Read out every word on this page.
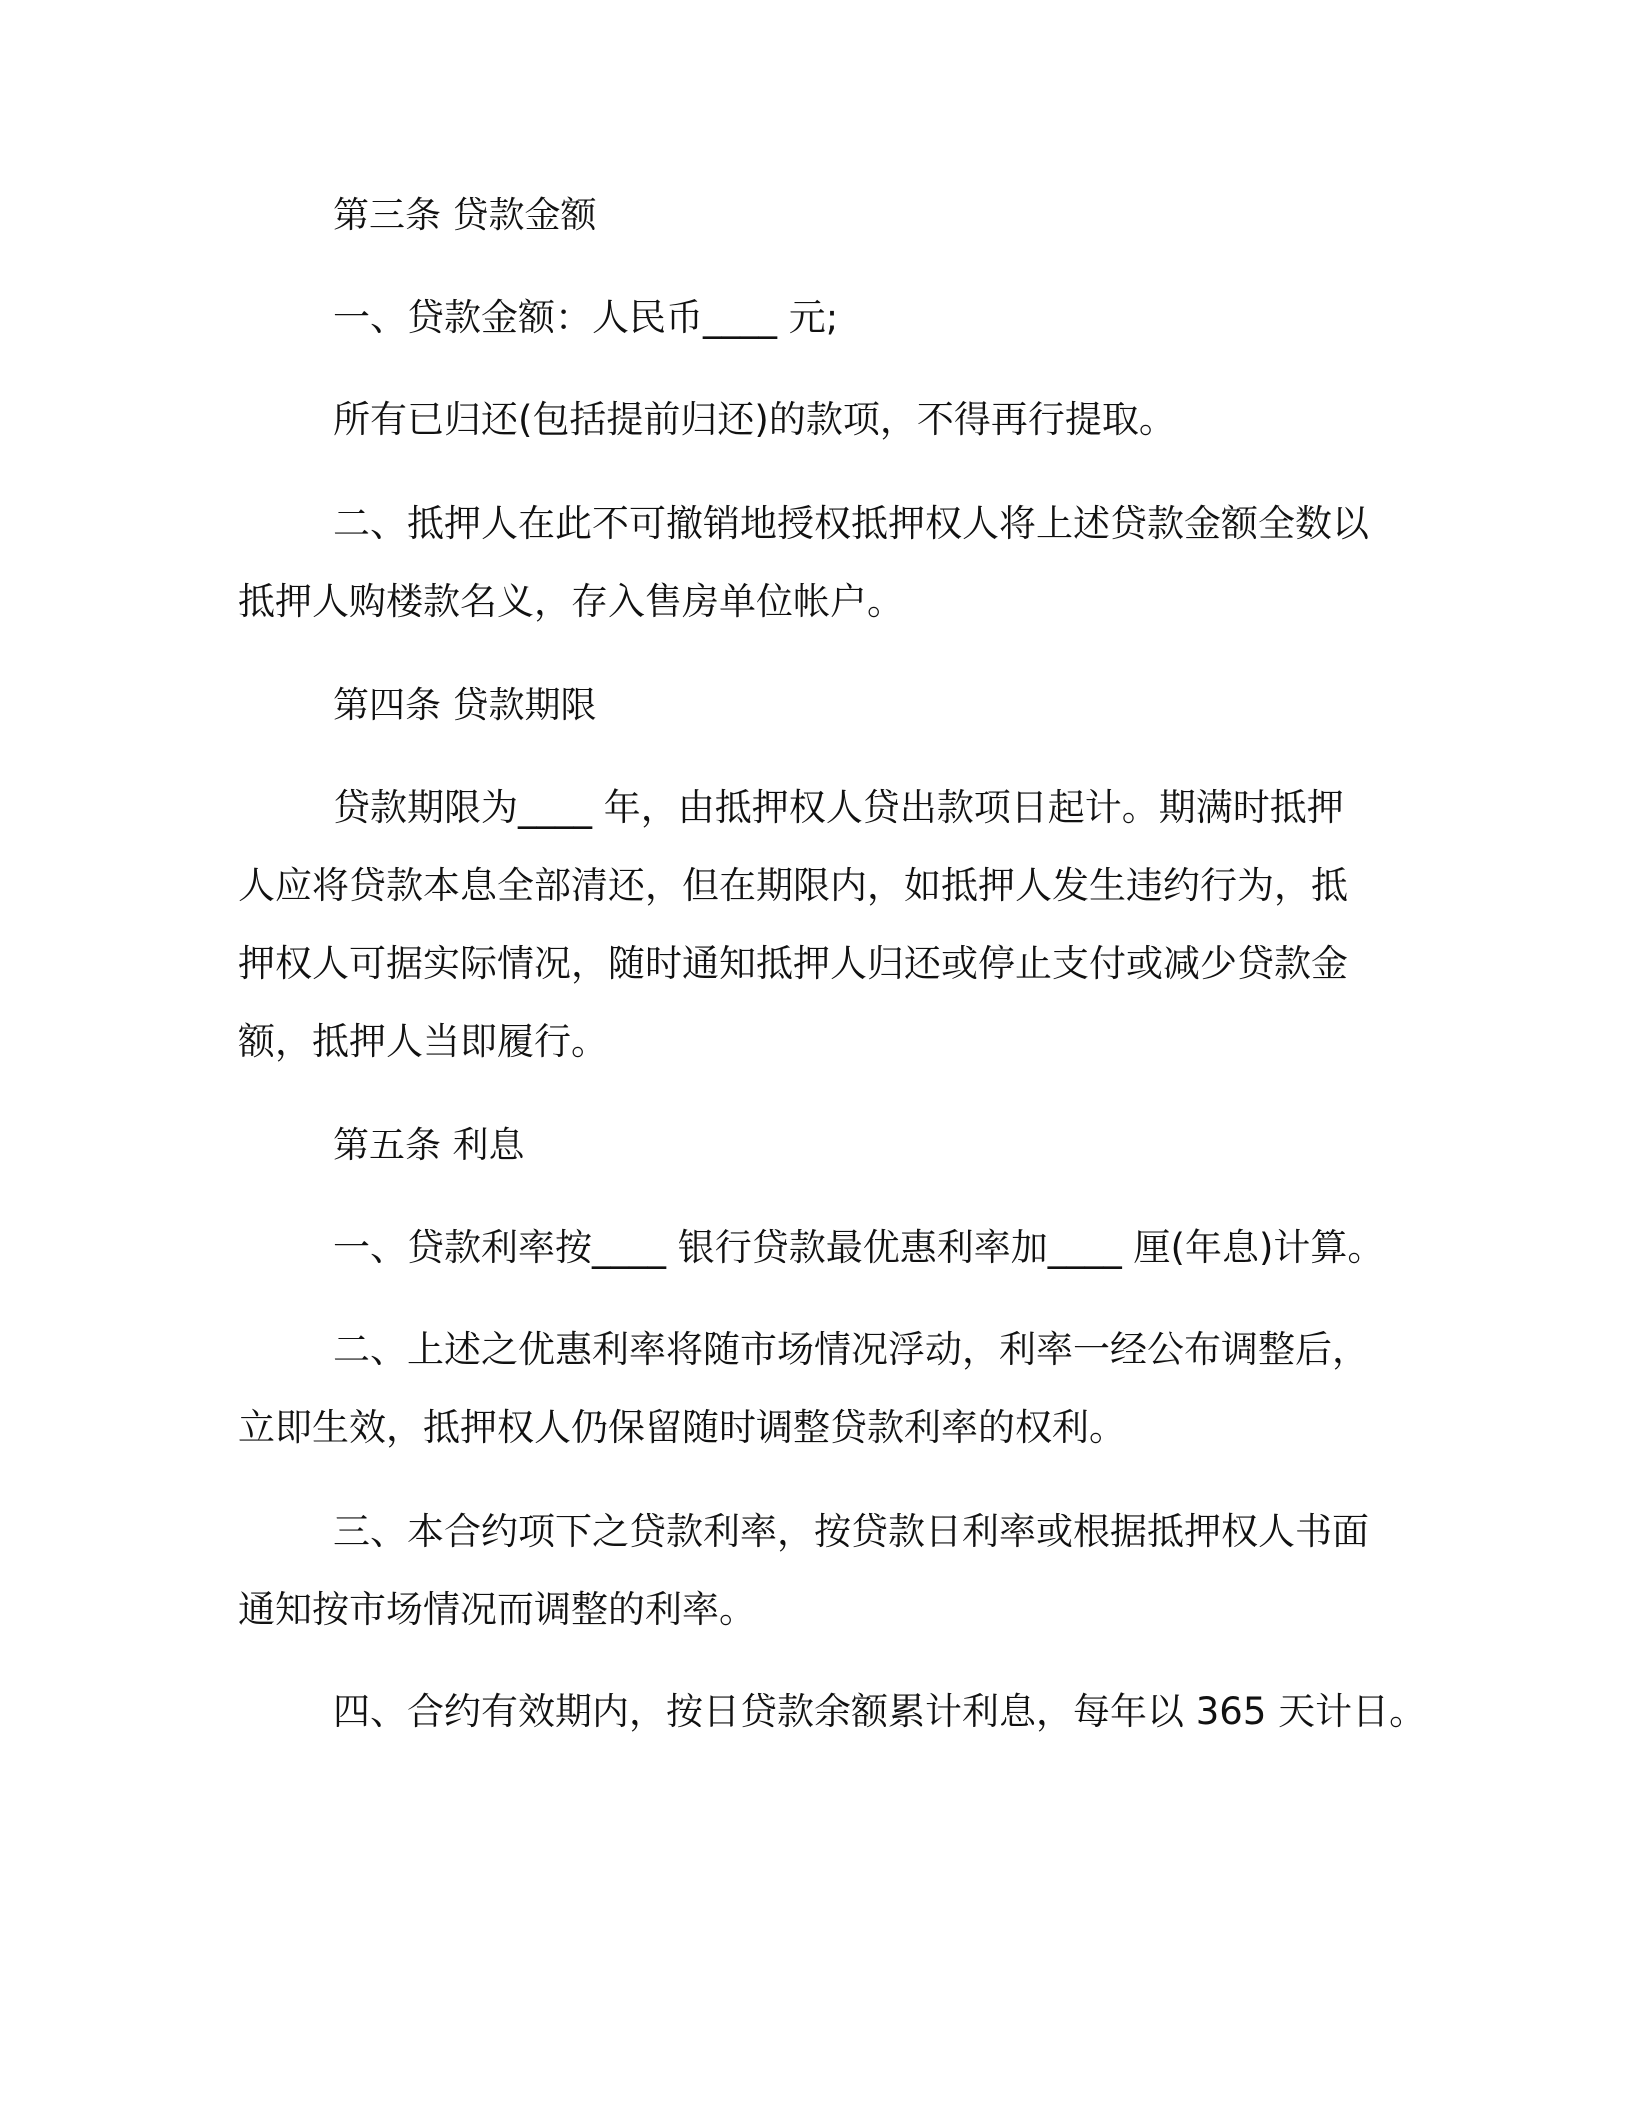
第三条 贷款金额

一、贷款金额：人民币____ 元;

所有已归还(包括提前归还)的款项，不得再行提取。

二、抵押人在此不可撤销地授权抵押权人将上述贷款金额全数以

抵押人购楼款名义，存入售房单位帐户。

第四条 贷款期限

贷款期限为____ 年，由抵押权人贷出款项日起计。期满时抵押

人应将贷款本息全部清还，但在期限内，如抵押人发生违约行为，抵

押权人可据实际情况，随时通知抵押人归还或停止支付或减少贷款金

额，抵押人当即履行。

第五条 利息

一、贷款利率按____ 银行贷款最优惠利率加____ 厘(年息)计算。

二、上述之优惠利率将随市场情况浮动，利率一经公布调整后，

立即生效，抵押权人仍保留随时调整贷款利率的权利。

三、本合约项下之贷款利率，按贷款日利率或根据抵押权人书面

通知按市场情况而调整的利率。

四、合约有效期内，按日贷款余额累计利息，每年以 365 天计日。
